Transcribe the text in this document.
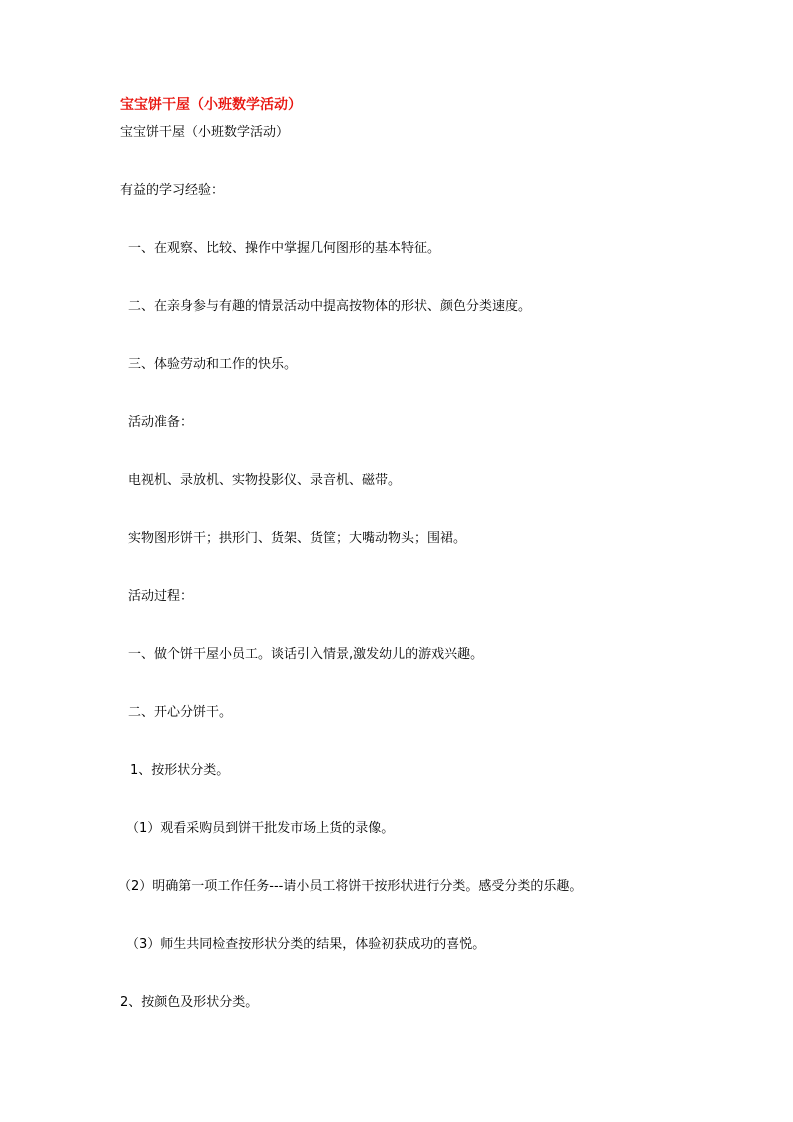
宝宝饼干屋（小班数学活动）
宝宝饼干屋（小班数学活动）
有益的学习经验：
一、在观察、比较、操作中掌握几何图形的基本特征。
二、在亲身参与有趣的情景活动中提高按物体的形状、颜色分类速度。
三、体验劳动和工作的快乐。
活动准备：
电视机、录放机、实物投影仪、录音机、磁带。
实物图形饼干；拱形门、货架、货筐；大嘴动物头；围裙。
活动过程：
一、做个饼干屋小员工。谈话引入情景,激发幼儿的游戏兴趣。
二、开心分饼干。
1、按形状分类。
（1）观看采购员到饼干批发市场上货的录像。
（2）明确第一项工作任务---请小员工将饼干按形状进行分类。感受分类的乐趣。
（3）师生共同检查按形状分类的结果，体验初获成功的喜悦。
2、按颜色及形状分类。
